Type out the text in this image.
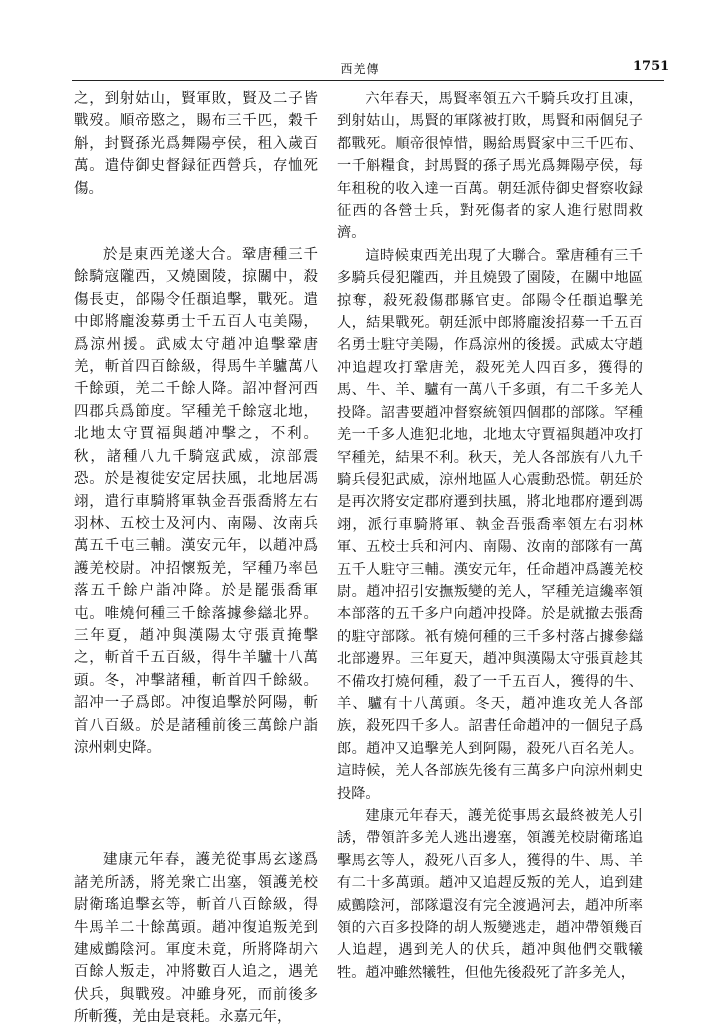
西羌傳	1751

之，到射姑山，賢軍敗，賢及二子皆戰歿。順帝愍之，賜布三千匹，穀千斛，封賢孫光爲舞陽亭侯，租入歲百萬。遣侍御史督録征西營兵，存恤死傷。

於是東西羌遂大合。鞏唐種三千餘騎寇隴西，又燒園陵，掠關中，殺傷長吏，郃陽令任頵追擊，戰死。遣中郎將龐浚募勇士千五百人屯美陽，爲涼州援。武威太守趙冲追擊鞏唐羌，斬首四百餘級，得馬牛羊驢萬八千餘頭，羌二千餘人降。詔冲督河西四郡兵爲節度。罕種羌千餘寇北地，北地太守賈福與趙冲擊之，不利。秋，諸種八九千騎寇武威，涼部震恐。於是複徙安定居扶風，北地居馮翊，遣行車騎將軍執金吾張喬將左右羽林、五校士及河内、南陽、汝南兵萬五千屯三輔。漢安元年，以趙冲爲護羌校尉。冲招懷叛羌，罕種乃率邑落五千餘户詣冲降。於是罷張喬軍屯。唯燒何種三千餘落據參䜌北界。三年夏，趙冲與漢陽太守張貢掩擊之，斬首千五百級，得牛羊驢十八萬頭。冬，冲擊諸種，斬首四千餘級。詔冲一子爲郎。冲復追擊於阿陽，斬首八百級。於是諸種前後三萬餘户詣涼州刺史降。

建康元年春，護羌從事馬玄遂爲諸羌所誘，將羌衆亡出塞，領護羌校尉衛瑤追擊玄等，斬首八百餘級，得牛馬羊二十餘萬頭。趙冲復追叛羌到建威鸇陰河。軍度未竟，所將降胡六百餘人叛走，冲將數百人追之，遇羌伏兵，與戰歿。冲雖身死，而前後多所斬獲，羌由是衰耗。永嘉元年，

六年春天，馬賢率領五六千騎兵攻打且凍，到射姑山，馬賢的軍隊被打敗，馬賢和兩個兒子都戰死。順帝很悼惜，賜給馬賢家中三千匹布、一千斛糧食，封馬賢的孫子馬光爲舞陽亭侯，每年租稅的收入達一百萬。朝廷派侍御史督察收録征西的各營士兵，對死傷者的家人進行慰問救濟。

這時候東西羌出現了大聯合。鞏唐種有三千多騎兵侵犯隴西，并且燒毀了園陵，在關中地區掠奪，殺死殺傷郡縣官吏。郃陽令任頵追擊羌人，結果戰死。朝廷派中郎將龐浚招募一千五百名勇士駐守美陽，作爲涼州的後援。武威太守趙冲追趕攻打鞏唐羌，殺死羌人四百多，獲得的馬、牛、羊、驢有一萬八千多頭，有二千多羌人投降。詔書要趙冲督察統領四個郡的部隊。罕種羌一千多人進犯北地，北地太守賈福與趙冲攻打罕種羌，結果不利。秋天，羌人各部族有八九千騎兵侵犯武威，涼州地區人心震動恐慌。朝廷於是再次將安定郡府遷到扶風，將北地郡府遷到馮翊，派行車騎將軍、執金吾張喬率領左右羽林軍、五校士兵和河内、南陽、汝南的部隊有一萬五千人駐守三輔。漢安元年，任命趙冲爲護羌校尉。趙冲招引安撫叛變的羌人，罕種羌這纔率領本部落的五千多户向趙冲投降。於是就撤去張喬的駐守部隊。衹有燒何種的三千多村落占據參䜌北部邊界。三年夏天，趙冲與漢陽太守張貢趁其不備攻打燒何種，殺了一千五百人，獲得的牛、羊、驢有十八萬頭。冬天，趙冲進攻羌人各部族，殺死四千多人。詔書任命趙冲的一個兒子爲郎。趙冲又追擊羌人到阿陽，殺死八百名羌人。這時候，羌人各部族先後有三萬多户向涼州刺史投降。

建康元年春天，護羌從事馬玄最終被羌人引誘，帶領許多羌人逃出邊塞，領護羌校尉衛瑤追擊馬玄等人，殺死八百多人，獲得的牛、馬、羊有二十多萬頭。趙冲又追趕反叛的羌人，追到建威鸇陰河，部隊還沒有完全渡過河去，趙冲所率領的六百多投降的胡人叛變逃走，趙冲帶領幾百人追趕，遇到羌人的伏兵，趙冲與他們交戰犧牲。趙冲雖然犧牲，但他先後殺死了許多羌人，
